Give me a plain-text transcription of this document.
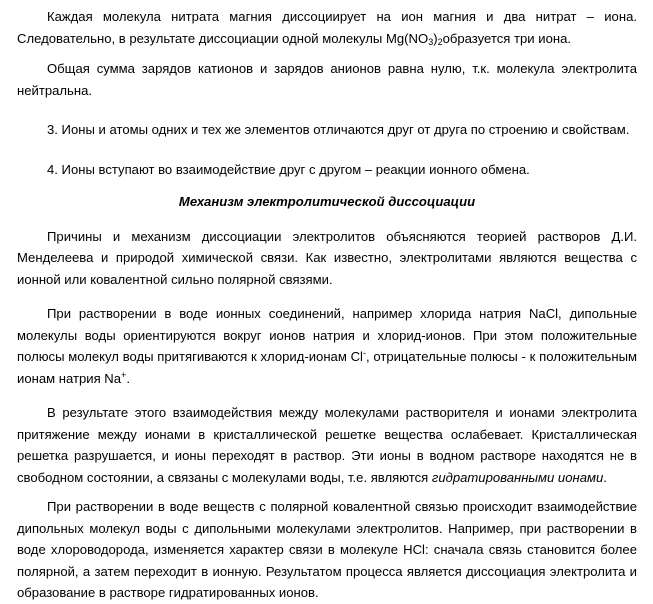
Каждая молекула нитрата магния диссоциирует на ион магния и два нитрат – иона. Следовательно, в результате диссоциации одной молекулы $Mg(NO_3)_2образуется$ три иона.

Общая сумма зарядов катионов и зарядов анионов равна нулю, т.к. молекула электролита нейтральна.

3. Ионы и атомы одних и тех же элементов отличаются друг от друга по строению и свойствам.

4. Ионы вступают во взаимодействие друг с другом – реакции ионного обмена.

Механизм электролитической диссоциации

Причины и механизм диссоциации электролитов объясняются теорией растворов Д.И. Менделеева и природой химической связи. Как известно, электролитами являются вещества с ионной или ковалентной сильно полярной связями.

При растворении в воде ионных соединений, например хлорида натрия NaCl, дипольные молекулы воды ориентируются вокруг ионов натрия и хлорид-ионов. При этом положительные полюсы молекул воды притягиваются к хлорид-ионам Cl-, отрицательные полюсы - к положительным ионам натрия Na+.

В результате этого взаимодействия между молекулами растворителя и ионами электролита притяжение между ионами в кристаллической решетке вещества ослабевает. Кристаллическая решетка разрушается, и ионы переходят в раствор. Эти ионы в водном растворе находятся не в свободном состоянии, а связаны с молекулами воды, т.е. являются гидратированными ионами.

При растворении в воде веществ с полярной ковалентной связью происходит взаимодействие дипольных молекул воды с дипольными молекулами электролитов. Например, при растворении в воде хлороводорода, изменяется характер связи в молекуле HCl: сначала связь становится более полярной, а затем переходит в ионную. Результатом процесса является диссоциация электролита и образование в растворе гидратированных ионов.
